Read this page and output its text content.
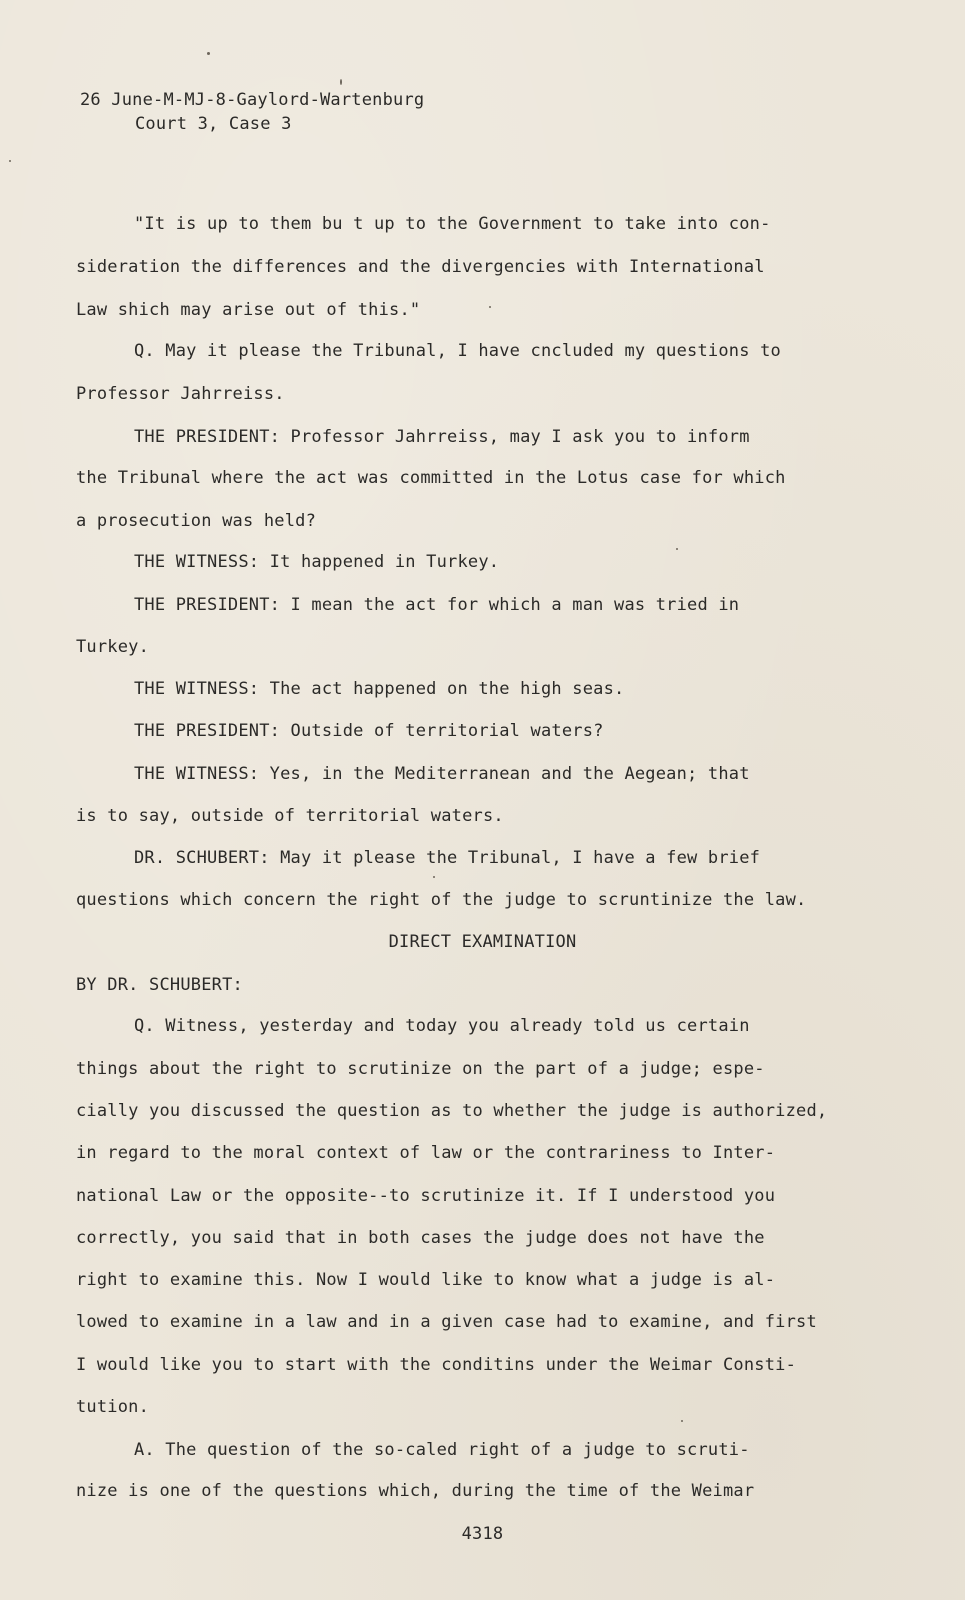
26 June-M-MJ-8-Gaylord-Wartenburg
Court 3, Case 3
"It is up to them bu t up to the Government to take into con-
sideration the differences and the divergencies with International
Law shich may arise out of this."
Q. May it please the Tribunal, I have cncluded my questions to
Professor Jahrreiss.
THE PRESIDENT: Professor Jahrreiss, may I ask you to inform
the Tribunal where the act was committed in the Lotus case for which
a prosecution was held?
THE WITNESS: It happened in Turkey.
THE PRESIDENT: I mean the act for which a man was tried in
Turkey.
THE WITNESS: The act happened on the high seas.
THE PRESIDENT: Outside of territorial waters?
THE WITNESS: Yes, in the Mediterranean and the Aegean; that
is to say, outside of territorial waters.
DR. SCHUBERT: May it please the Tribunal, I have a few brief
questions which concern the right of the judge to scruntinize the law.
DIRECT EXAMINATION
BY DR. SCHUBERT:
Q. Witness, yesterday and today you already told us certain
things about the right to scrutinize on the part of a judge; espe-
cially you discussed the question as to whether the judge is authorized,
in regard to the moral context of law or the contrariness to Inter-
national Law or the opposite--to scrutinize it. If I understood you
correctly, you said that in both cases the judge does not have the
right to examine this. Now I would like to know what a judge is al-
lowed to examine in a law and in a given case had to examine, and first
I would like you to start with the conditins under the Weimar Consti-
tution.
A. The question of the so-caled right of a judge to scruti-
nize is one of the questions which, during the time of the Weimar
4318
